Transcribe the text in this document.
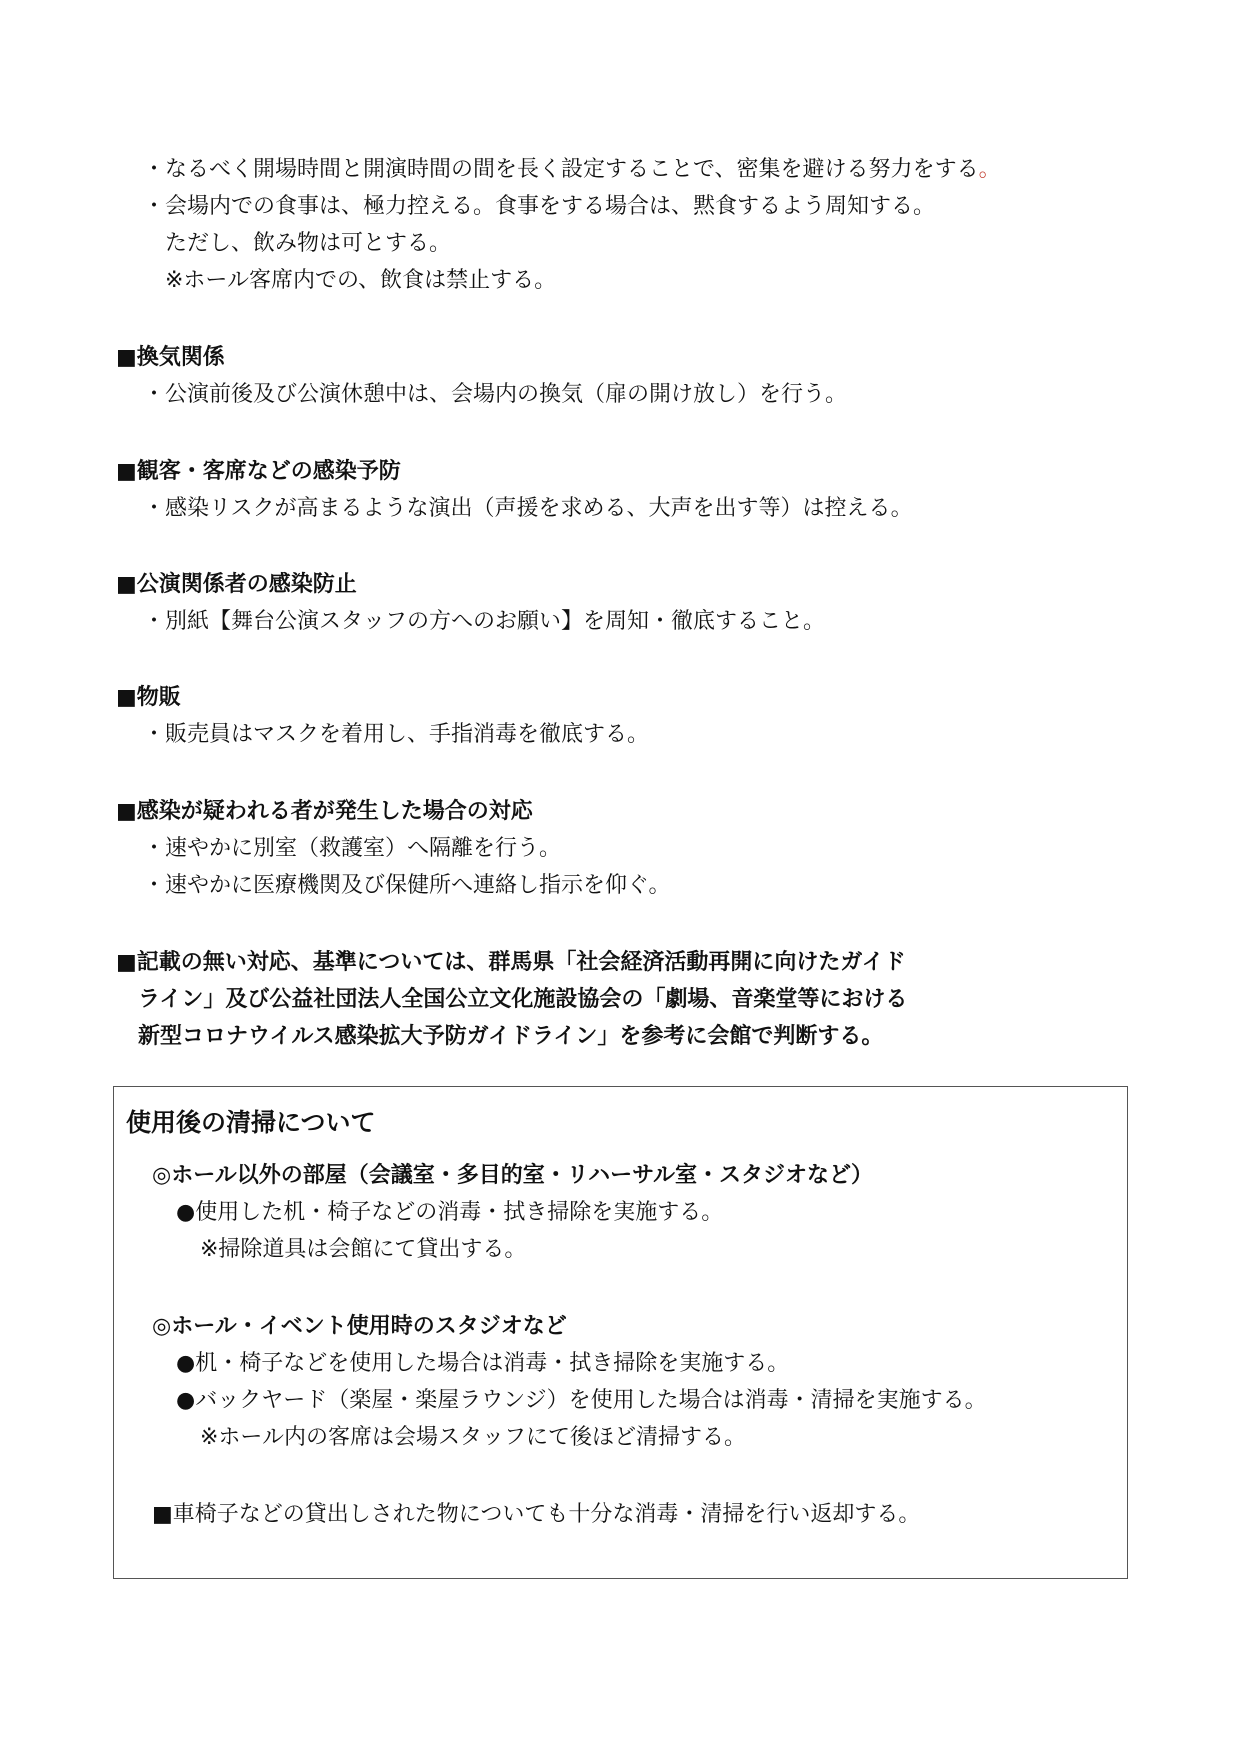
・なるべく開場時間と開演時間の間を長く設定することで、密集を避ける努力をする。
・会場内での食事は、極力控える。食事をする場合は、黙食するよう周知する。
ただし、飲み物は可とする。
※ホール客席内での、飲食は禁止する。
■換気関係
・公演前後及び公演休憩中は、会場内の換気（扉の開け放し）を行う。
■観客・客席などの感染予防
・感染リスクが高まるような演出（声援を求める、大声を出す等）は控える。
■公演関係者の感染防止
・別紙【舞台公演スタッフの方へのお願い】を周知・徹底すること。
■物販
・販売員はマスクを着用し、手指消毒を徹底する。
■感染が疑われる者が発生した場合の対応
・速やかに別室（救護室）へ隔離を行う。
・速やかに医療機関及び保健所へ連絡し指示を仰ぐ。
■記載の無い対応、基準については、群馬県「社会経済活動再開に向けたガイド
ライン」及び公益社団法人全国公立文化施設協会の「劇場、音楽堂等における
新型コロナウイルス感染拡大予防ガイドライン」を参考に会館で判断する。
使用後の清掃について
◎ホール以外の部屋（会議室・多目的室・リハーサル室・スタジオなど）
●使用した机・椅子などの消毒・拭き掃除を実施する。
※掃除道具は会館にて貸出する。
◎ホール・イベント使用時のスタジオなど
●机・椅子などを使用した場合は消毒・拭き掃除を実施する。
●バックヤード（楽屋・楽屋ラウンジ）を使用した場合は消毒・清掃を実施する。
※ホール内の客席は会場スタッフにて後ほど清掃する。
■車椅子などの貸出しされた物についても十分な消毒・清掃を行い返却する。
